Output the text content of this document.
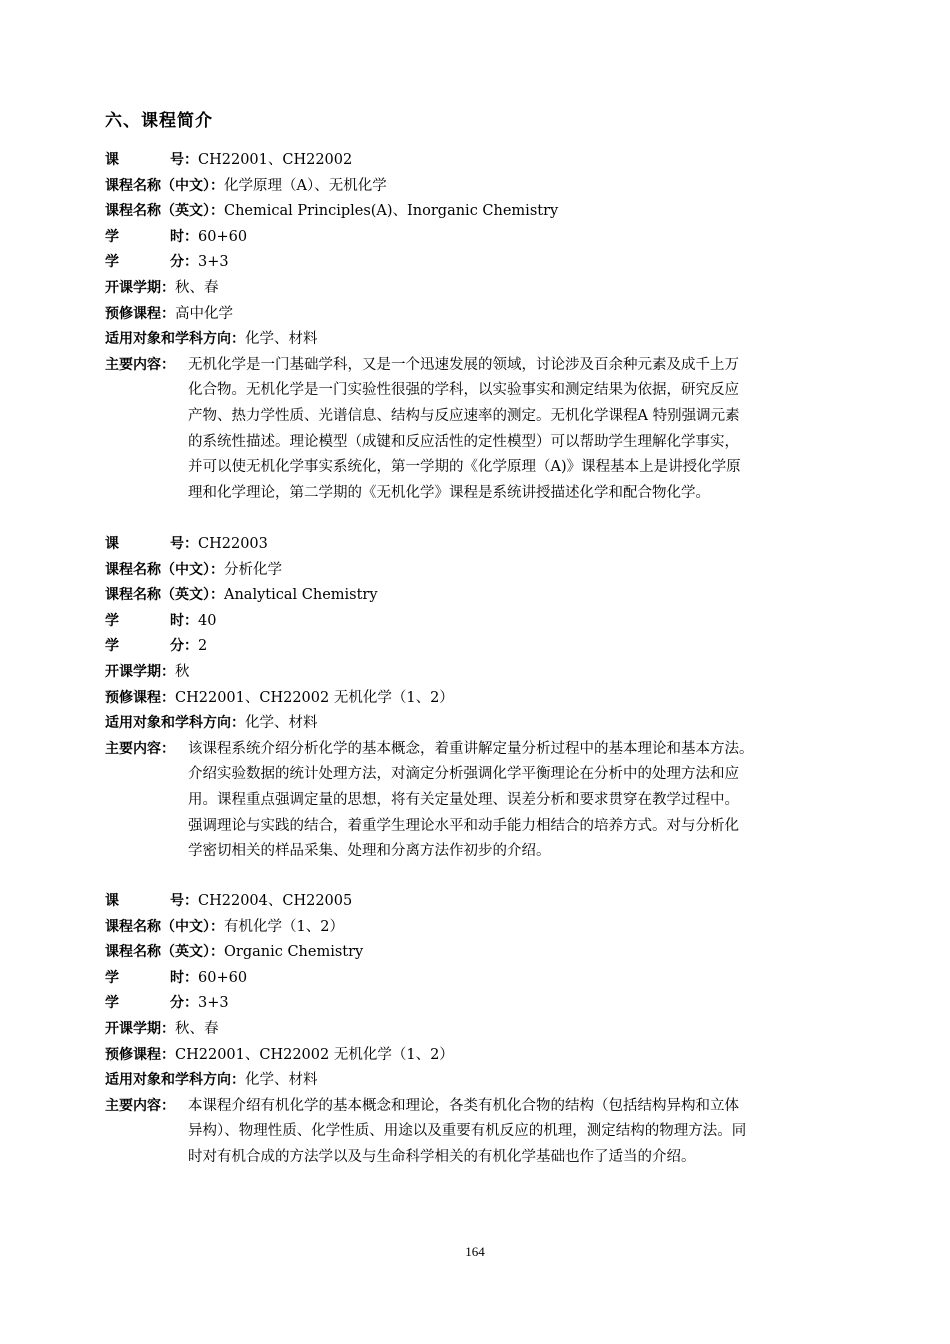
六、课程简介
课	号：CH22001、CH22002
课程名称（中文）：化学原理（A）、无机化学
课程名称（英文）：Chemical Principles(A)、Inorganic Chemistry
学	时：60+60
学	分：3+3
开课学期：秋、春
预修课程：高中化学
适用对象和学科方向：化学、材料
主要内容： 无机化学是一门基础学科，又是一个迅速发展的领域，讨论涉及百余种元素及成千上万
化合物。无机化学是一门实验性很强的学科，以实验事实和测定结果为依据，研究反应
产物、热力学性质、光谱信息、结构与反应速率的测定。无机化学课程A 特别强调元素
的系统性描述。理论模型（成键和反应活性的定性模型）可以帮助学生理解化学事实，
并可以使无机化学事实系统化，第一学期的《化学原理（A)》课程基本上是讲授化学原
理和化学理论，第二学期的《无机化学》课程是系统讲授描述化学和配合物化学。
课	号：CH22003
课程名称（中文）：分析化学
课程名称（英文）：Analytical Chemistry
学	时：40
学	分：2
开课学期：秋
预修课程：CH22001、CH22002 无机化学（1、2）
适用对象和学科方向：化学、材料
主要内容： 该课程系统介绍分析化学的基本概念，着重讲解定量分析过程中的基本理论和基本方法。
介绍实验数据的统计处理方法，对滴定分析强调化学平衡理论在分析中的处理方法和应
用。课程重点强调定量的思想，将有关定量处理、误差分析和要求贯穿在教学过程中。
强调理论与实践的结合，着重学生理论水平和动手能力相结合的培养方式。对与分析化
学密切相关的样品采集、处理和分离方法作初步的介绍。
课	号：CH22004、CH22005
课程名称（中文）：有机化学（1、2）
课程名称（英文）：Organic Chemistry
学	时：60+60
学	分：3+3
开课学期：秋、春
预修课程：CH22001、CH22002 无机化学（1、2）
适用对象和学科方向：化学、材料
主要内容： 本课程介绍有机化学的基本概念和理论，各类有机化合物的结构（包括结构异构和立体
异构）、物理性质、化学性质、用途以及重要有机反应的机理，测定结构的物理方法。同
时对有机合成的方法学以及与生命科学相关的有机化学基础也作了适当的介绍。
164
